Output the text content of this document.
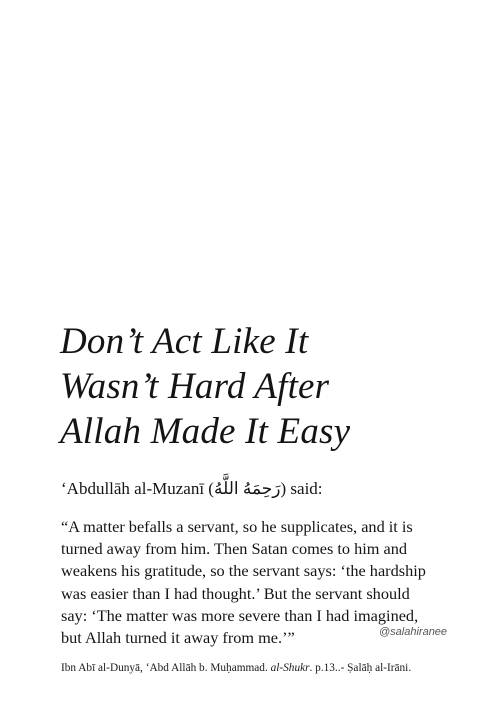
Don’t Act Like It
Wasn’t Hard After
Allah Made It Easy
‘Abdullāh al-Muzanī (رَحِمَهُ اللَّهُ) said:
“A matter befalls a servant, so he supplicates, and it is
turned away from him. Then Satan comes to him and
weakens his gratitude, so the servant says: ‘the hardship
was easier than I had thought.’ But the servant should
say: ‘The matter was more severe than I had imagined,
but Allah turned it away from me.’”	@salahiranee
Ibn Abī al-Dunyā, ‘Abd Allāh b. Muḥammad. al-Shukr. p.13..- Ṣalāḥ al-Irāni.
